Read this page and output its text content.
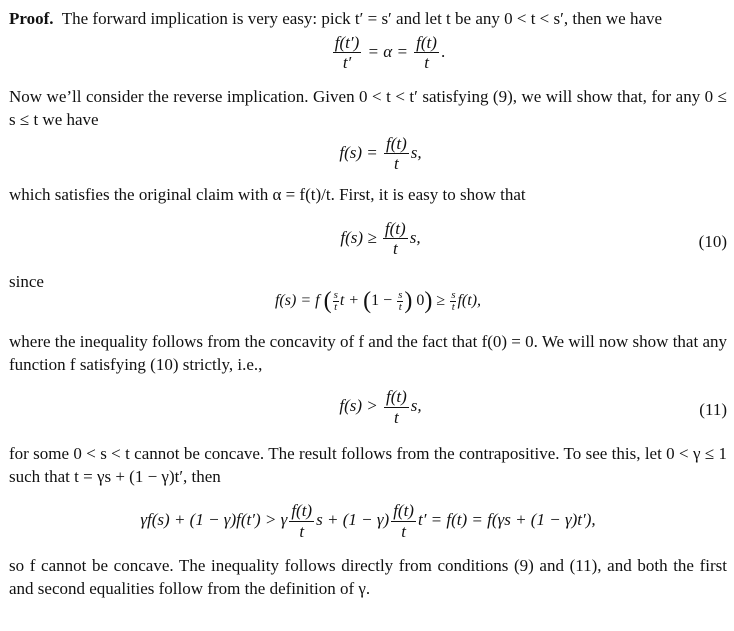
Proof. The forward implication is very easy: pick t′ = s′ and let t be any 0 < t < s′, then we have

$\frac{f(t')}{t'} = \alpha = \frac{f(t)}{t}$ .

Now we’ll consider the reverse implication. Given 0 < t < t′ satisfying (9), we will show that, for any 0 ≤ s ≤ t we have

$f(s) = \frac{f(t)}{t} s$,

which satisfies the original claim with α = f(t)/t. First, it is easy to show that

$f(s) \ge \frac{f(t)}{t} s$,	(10)

since

f(s) = f ( $\frac{s}{t}$ $t + (1 - \frac{s}{t}$ ) $0) \ge \frac{s}{t} f(t)$,

where the inequality follows from the concavity of f and the fact that f(0) = 0. We will now show that any function f satisfying (10) strictly, i.e.,

$f(s) > \frac{f(t)}{t} s$,	(11)

for some 0 < s < t cannot be concave. The result follows from the contrapositive. To see this, let 0 < γ ≤ 1 such that t = γs + (1 − γ)t′, then

γf(s) + (1 − γ)f(t′) > γ $\frac{f(t)}{t}$ $s + (1 - \gamma) \frac{f(t)}{t} t' = f(t) = f(\gamma s + (1 - \gamma)t')$,

so f cannot be concave. The inequality follows directly from conditions (9) and (11), and both the first and second equalities follow from the definition of γ.
